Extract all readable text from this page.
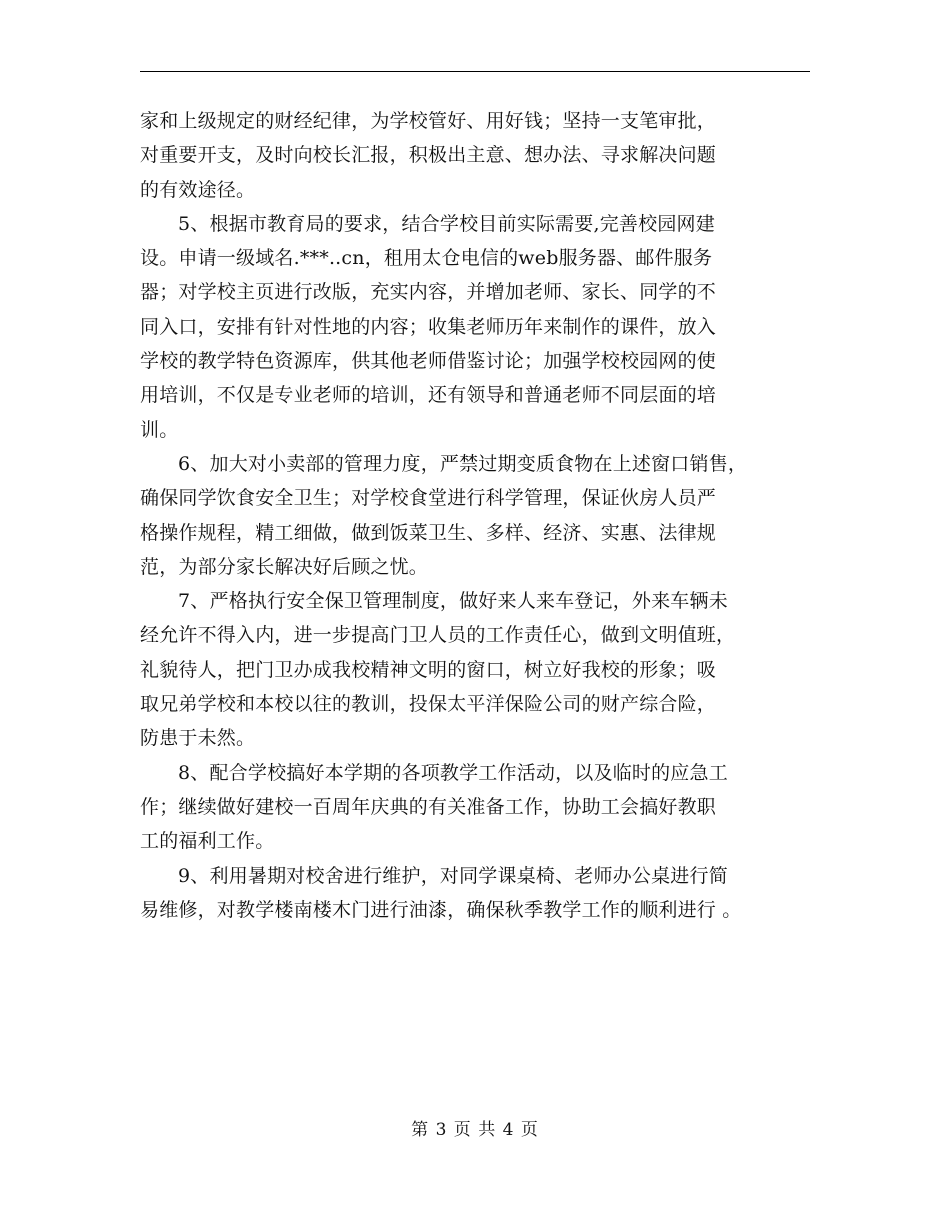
家和上级规定的财经纪律，为学校管好、用好钱；坚持一支笔审批，
对重要开支，及时向校长汇报，积极出主意、想办法、寻求解决问题
的有效途径。
5、根据市教育局的要求，结合学校目前实际需要,完善校园网建
设。申请一级域名.***..cn，租用太仓电信的web服务器、邮件服务
器；对学校主页进行改版，充实内容，并增加老师、家长、同学的不
同入口，安排有针对性地的内容；收集老师历年来制作的课件，放入
学校的教学特色资源库，供其他老师借鉴讨论；加强学校校园网的使
用培训，不仅是专业老师的培训，还有领导和普通老师不同层面的培
训。
6、加大对小卖部的管理力度，严禁过期变质食物在上述窗口销售，
确保同学饮食安全卫生；对学校食堂进行科学管理，保证伙房人员严
格操作规程，精工细做，做到饭菜卫生、多样、经济、实惠、法律规
范，为部分家长解决好后顾之忧。
7、严格执行安全保卫管理制度，做好来人来车登记，外来车辆未
经允许不得入内，进一步提高门卫人员的工作责任心，做到文明值班，
礼貌待人，把门卫办成我校精神文明的窗口，树立好我校的形象；吸
取兄弟学校和本校以往的教训，投保太平洋保险公司的财产综合险，
防患于未然。
8、配合学校搞好本学期的各项教学工作活动，以及临时的应急工
作；继续做好建校一百周年庆典的有关准备工作，协助工会搞好教职
工的福利工作。
9、利用暑期对校舍进行维护，对同学课桌椅、老师办公桌进行简
易维修，对教学楼南楼木门进行油漆，确保秋季教学工作的顺利进行 。
第 3 页 共 4 页
